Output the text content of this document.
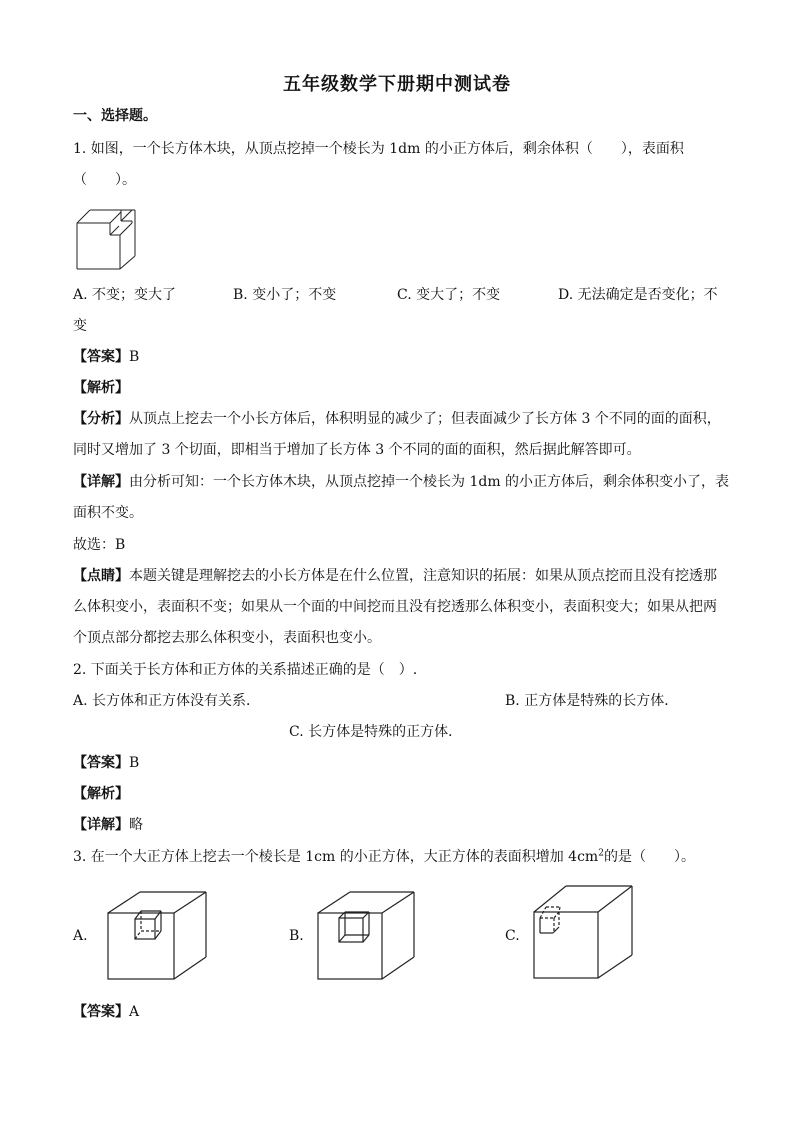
五年级数学下册期中测试卷
一、选择题。
1. 如图，一个长方体木块，从顶点挖掉一个棱长为 1dm 的小正方体后，剩余体积（　　），表面积
（　　）。
A. 不变；变大了	B. 变小了；不变	C. 变大了；不变	D. 无法确定是否变化；不
变
【答案】B
【解析】
【分析】从顶点上挖去一个小长方体后，体积明显的减少了；但表面减少了长方体 3 个不同的面的面积，
同时又增加了 3 个切面，即相当于增加了长方体 3 个不同的面的面积，然后据此解答即可。
【详解】由分析可知：一个长方体木块，从顶点挖掉一个棱长为 1dm 的小正方体后，剩余体积变小了，表
面积不变。
故选：B
【点睛】本题关键是理解挖去的小长方体是在什么位置，注意知识的拓展：如果从顶点挖而且没有挖透那
么体积变小，表面积不变；如果从一个面的中间挖而且没有挖透那么体积变小，表面积变大；如果从把两
个顶点部分都挖去那么体积变小，表面积也变小。
2. 下面关于长方体和正方体的关系描述正确的是（　）.
A. 长方体和正方体没有关系．	B. 正方体是特殊的长方体．
C. 长方体是特殊的正方体．
【答案】B
【解析】
【详解】略
3. 在一个大正方体上挖去一个棱长是 1cm 的小正方体，大正方体的表面积增加 $4cm^2$的是（　　）。
A.	B.	C.
【答案】A
